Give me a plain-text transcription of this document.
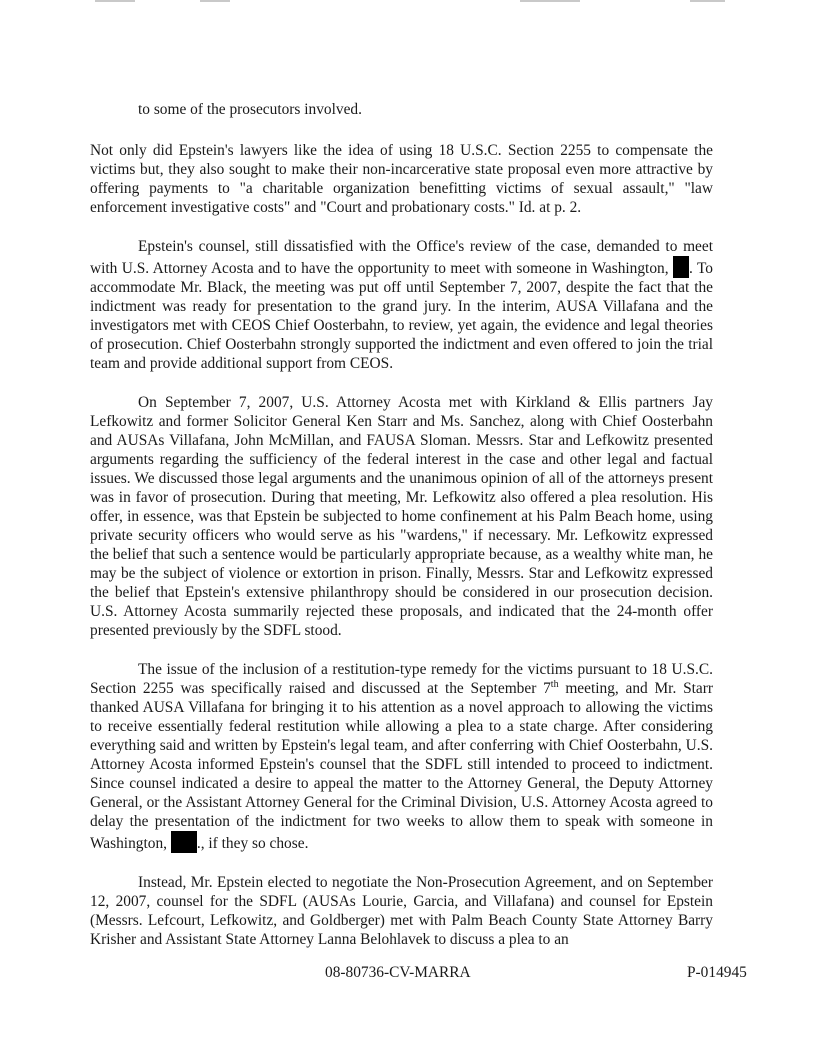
to some of the prosecutors involved.

Not only did Epstein's lawyers like the idea of using 18 U.S.C. Section 2255 to compensate the victims but, they also sought to make their non-incarcerative state proposal even more attractive by offering payments to "a charitable organization benefitting victims of sexual assault," "law enforcement investigative costs" and "Court and probationary costs." Id. at p. 2.

Epstein's counsel, still dissatisfied with the Office's review of the case, demanded to meet with U.S. Attorney Acosta and to have the opportunity to meet with someone in Washington, . To accommodate Mr. Black, the meeting was put off until September 7, 2007, despite the fact that the indictment was ready for presentation to the grand jury. In the interim, AUSA Villafana and the investigators met with CEOS Chief Oosterbahn, to review, yet again, the evidence and legal theories of prosecution. Chief Oosterbahn strongly supported the indictment and even offered to join the trial team and provide additional support from CEOS.

On September 7, 2007, U.S. Attorney Acosta met with Kirkland & Ellis partners Jay Lefkowitz and former Solicitor General Ken Starr and Ms. Sanchez, along with Chief Oosterbahn and AUSAs Villafana, John McMillan, and FAUSA Sloman. Messrs. Star and Lefkowitz presented arguments regarding the sufficiency of the federal interest in the case and other legal and factual issues. We discussed those legal arguments and the unanimous opinion of all of the attorneys present was in favor of prosecution. During that meeting, Mr. Lefkowitz also offered a plea resolution. His offer, in essence, was that Epstein be subjected to home confinement at his Palm Beach home, using private security officers who would serve as his "wardens," if necessary. Mr. Lefkowitz expressed the belief that such a sentence would be particularly appropriate because, as a wealthy white man, he may be the subject of violence or extortion in prison. Finally, Messrs. Star and Lefkowitz expressed the belief that Epstein's extensive philanthropy should be considered in our prosecution decision. U.S. Attorney Acosta summarily rejected these proposals, and indicated that the 24-month offer presented previously by the SDFL stood.

The issue of the inclusion of a restitution-type remedy for the victims pursuant to 18 U.S.C. Section 2255 was specifically raised and discussed at the September 7th meeting, and Mr. Starr thanked AUSA Villafana for bringing it to his attention as a novel approach to allowing the victims to receive essentially federal restitution while allowing a plea to a state charge. After considering everything said and written by Epstein's legal team, and after conferring with Chief Oosterbahn, U.S. Attorney Acosta informed Epstein's counsel that the SDFL still intended to proceed to indictment. Since counsel indicated a desire to appeal the matter to the Attorney General, the Deputy Attorney General, or the Assistant Attorney General for the Criminal Division, U.S. Attorney Acosta agreed to delay the presentation of the indictment for two weeks to allow them to speak with someone in Washington, ., if they so chose.

Instead, Mr. Epstein elected to negotiate the Non-Prosecution Agreement, and on September 12, 2007, counsel for the SDFL (AUSAs Lourie, Garcia, and Villafana) and counsel for Epstein (Messrs. Lefcourt, Lefkowitz, and Goldberger) met with Palm Beach County State Attorney Barry Krisher and Assistant State Attorney Lanna Belohlavek to discuss a plea to an

08-80736-CV-MARRA	P-014945
